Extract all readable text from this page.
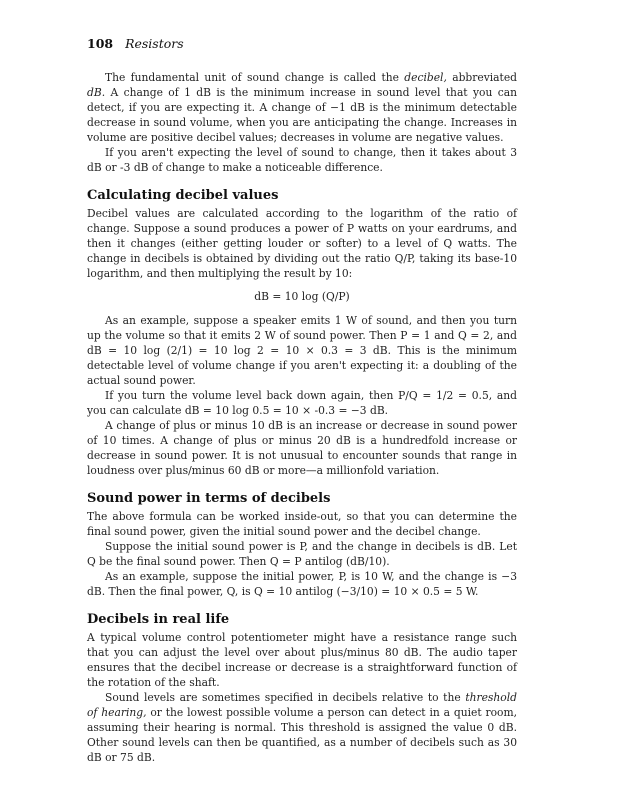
108 Resistors

The fundamental unit of sound change is called the decibel, abbreviated dB. A change of 1 dB is the minimum increase in sound level that you can detect, if you are expecting it. A change of −1 dB is the minimum detectable decrease in sound volume, when you are anticipating the change. Increases in volume are positive decibel values; decreases in volume are negative values.

If you aren't expecting the level of sound to change, then it takes about 3 dB or -3 dB of change to make a noticeable difference.

Calculating decibel values

Decibel values are calculated according to the logarithm of the ratio of change. Suppose a sound produces a power of P watts on your eardrums, and then it changes (either getting louder or softer) to a level of Q watts. The change in decibels is obtained by dividing out the ratio Q/P, taking its base-10 logarithm, and then multiplying the result by 10:

dB = 10 log (Q/P)

As an example, suppose a speaker emits 1 W of sound, and then you turn up the volume so that it emits 2 W of sound power. Then P = 1 and Q = 2, and dB = 10 log (2/1) = 10 log 2 = 10 × 0.3 = 3 dB. This is the minimum detectable level of volume change if you aren't expecting it: a doubling of the actual sound power.

If you turn the volume level back down again, then P/Q = 1/2 = 0.5, and you can calculate dB = 10 log 0.5 = 10 × -0.3 = −3 dB.

A change of plus or minus 10 dB is an increase or decrease in sound power of 10 times. A change of plus or minus 20 dB is a hundredfold increase or decrease in sound power. It is not unusual to encounter sounds that range in loudness over plus/minus 60 dB or more—a millionfold variation.

Sound power in terms of decibels

The above formula can be worked inside-out, so that you can determine the final sound power, given the initial sound power and the decibel change.

Suppose the initial sound power is P, and the change in decibels is dB. Let Q be the final sound power. Then Q = P antilog (dB/10).

As an example, suppose the initial power, P, is 10 W, and the change is −3 dB. Then the final power, Q, is Q = 10 antilog (−3/10) = 10 × 0.5 = 5 W.

Decibels in real life

A typical volume control potentiometer might have a resistance range such that you can adjust the level over about plus/minus 80 dB. The audio taper ensures that the decibel increase or decrease is a straightforward function of the rotation of the shaft.

Sound levels are sometimes specified in decibels relative to the threshold of hearing, or the lowest possible volume a person can detect in a quiet room, assuming their hearing is normal. This threshold is assigned the value 0 dB. Other sound levels can then be quantified, as a number of decibels such as 30 dB or 75 dB.
